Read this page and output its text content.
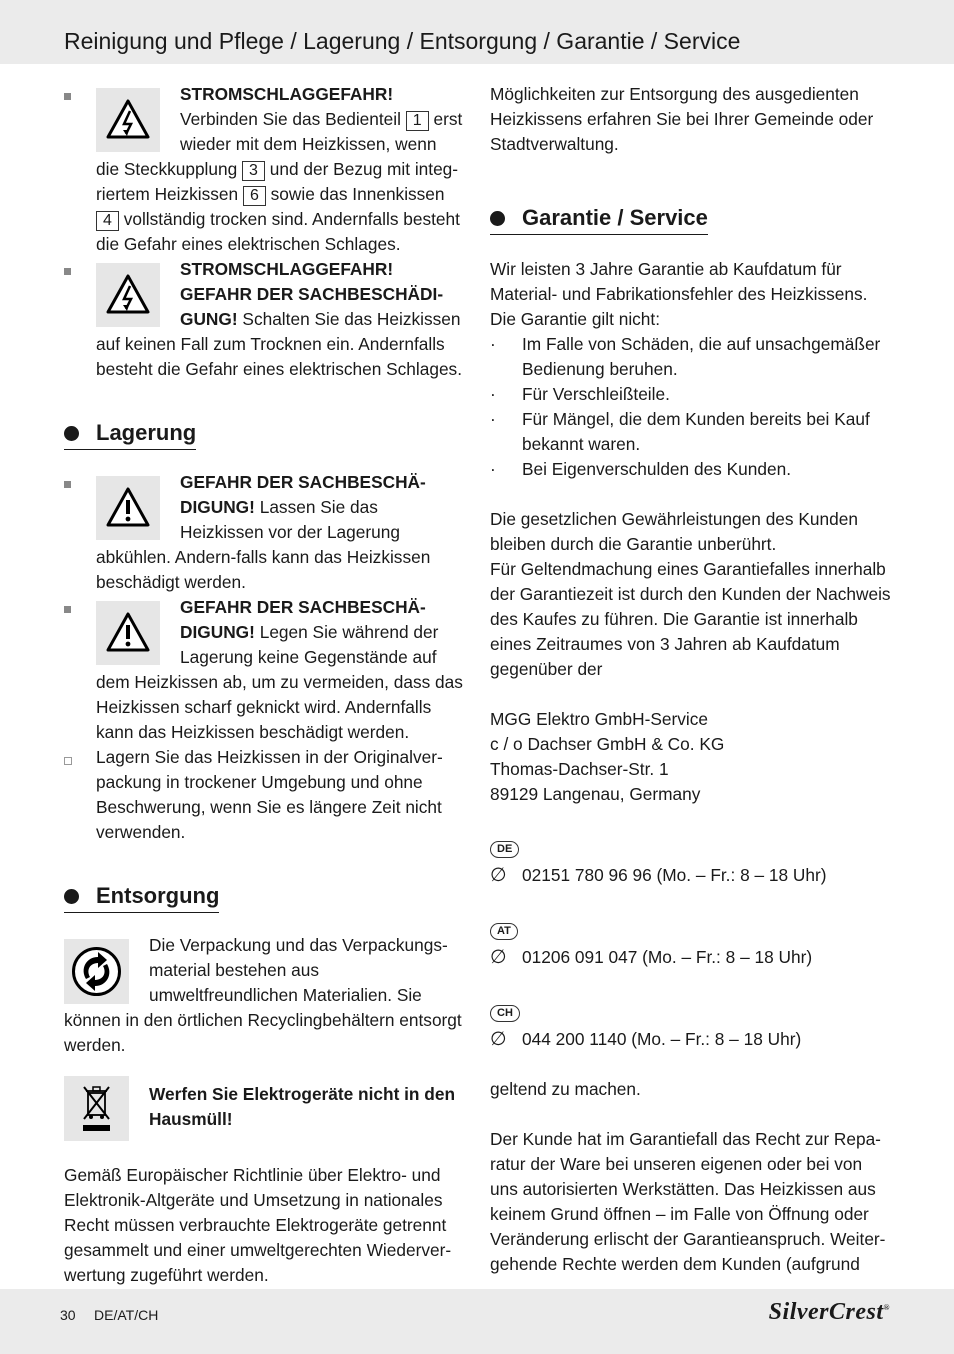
Reinigung und Pflege / Lagerung / Entsorgung / Garantie / Service

STROMSCHLAGGEFAHR!
Verbinden Sie das Bedienteil 1 erst wieder mit dem Heizkissen, wenn die Steckkupplung 3 und der Bezug mit integ-riertem Heizkissen 6 sowie das Innenkissen 4 vollständig trocken sind. Andernfalls besteht die Gefahr eines elektrischen Schlages.

STROMSCHLAGGEFAHR! GEFAHR DER SACHBESCHÄDI-GUNG! Schalten Sie das Heizkissen auf keinen Fall zum Trocknen ein. Andernfalls besteht die Gefahr eines elektrischen Schlages.

Lagerung

GEFAHR DER SACHBESCHÄ-DIGUNG! Lassen Sie das Heizkissen vor der Lagerung abkühlen. Andern-falls kann das Heizkissen beschädigt werden.

GEFAHR DER SACHBESCHÄ-DIGUNG! Legen Sie während der Lagerung keine Gegenstände auf dem Heizkissen ab, um zu vermeiden, dass das Heizkissen scharf geknickt wird. Andernfalls kann das Heizkissen beschädigt werden.

Lagern Sie das Heizkissen in der Originalver-packung in trockener Umgebung und ohne Beschwerung, wenn Sie es längere Zeit nicht verwenden.

Entsorgung

Die Verpackung und das Verpackungs-material bestehen aus umweltfreundlichen Materialien. Sie können in den örtlichen Recyclingbehältern entsorgt werden.

Werfen Sie Elektrogeräte nicht in den Hausmüll!

Gemäß Europäischer Richtlinie über Elektro- und Elektronik-Altgeräte und Umsetzung in nationales Recht müssen verbrauchte Elektrogeräte getrennt gesammelt und einer umweltgerechten Wiederver-wertung zugeführt werden.

Möglichkeiten zur Entsorgung des ausgedienten Heizkissens erfahren Sie bei Ihrer Gemeinde oder Stadtverwaltung.

Garantie / Service

Wir leisten 3 Jahre Garantie ab Kaufdatum für Material- und Fabrikationsfehler des Heizkissens. Die Garantie gilt nicht:

· Im Falle von Schäden, die auf unsachgemäßer Bedienung beruhen.

· Für Verschleißteile.

· Für Mängel, die dem Kunden bereits bei Kauf bekannt waren.

· Bei Eigenverschulden des Kunden.

Die gesetzlichen Gewährleistungen des Kunden bleiben durch die Garantie unberührt.

Für Geltendmachung eines Garantiefalles innerhalb der Garantiezeit ist durch den Kunden der Nachweis des Kaufes zu führen. Die Garantie ist innerhalb eines Zeitraumes von 3 Jahren ab Kaufdatum gegenüber der

MGG Elektro GmbH-Service

c / o Dachser GmbH & Co. KG

Thomas-Dachser-Str. 1

89129 Langenau, Germany

DE
∅ 02151 780 96 96 (Mo. – Fr.: 8 – 18 Uhr)

AT
∅ 01206 091 047 (Mo. – Fr.: 8 – 18 Uhr)

CH
∅ 044 200 1140 (Mo. – Fr.: 8 – 18 Uhr)

geltend zu machen.

Der Kunde hat im Garantiefall das Recht zur Repa-ratur der Ware bei unseren eigenen oder bei von uns autorisierten Werkstätten. Das Heizkissen aus keinem Grund öffnen – im Falle von Öffnung oder Veränderung erlischt der Garantieanspruch. Weiter-gehende Rechte werden dem Kunden (aufgrund

30 DE/AT/CH	SilverCrest®
